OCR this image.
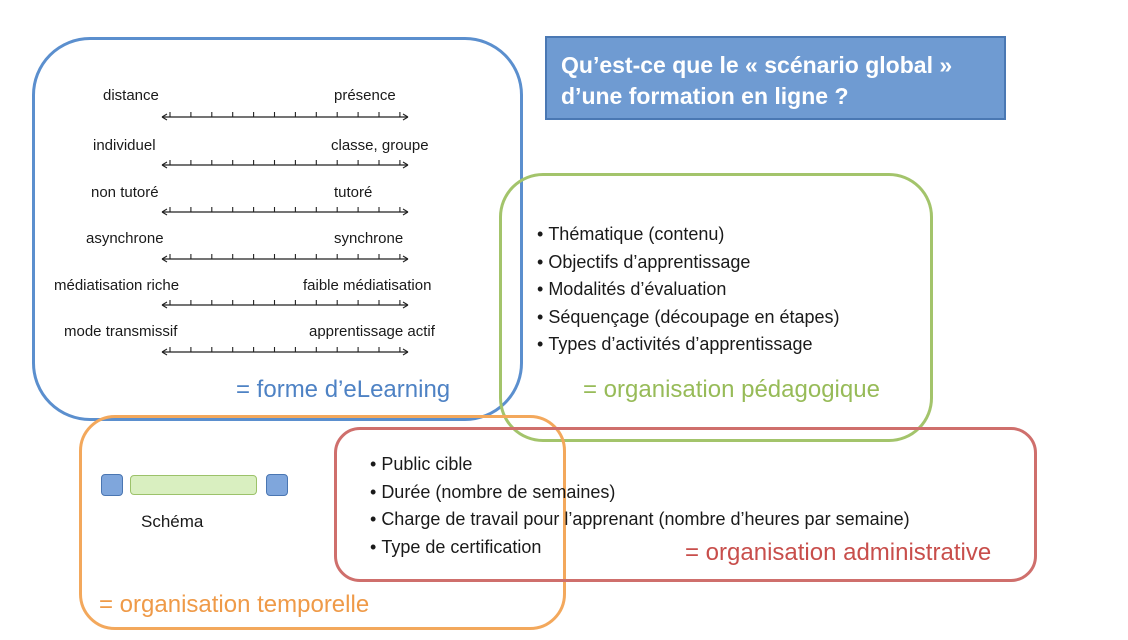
Qu’est-ce que le « scénario global »
d’une formation en ligne ?
distance	présence
individuel	classe, groupe
non tutoré	tutoré
asynchrone	synchrone
médiatisation riche	faible médiatisation
mode transmissif	apprentissage actif
= forme d’eLearning
• Thématique (contenu)
• Objectifs d’apprentissage
• Modalités d’évaluation
• Séquençage (découpage en étapes)
• Types d’activités d’apprentissage
= organisation pédagogique
• Public cible
• Durée (nombre de semaines)
• Charge de travail pour l’apprenant (nombre d’heures par semaine)
• Type de certification	= organisation administrative
Schéma
= organisation temporelle
